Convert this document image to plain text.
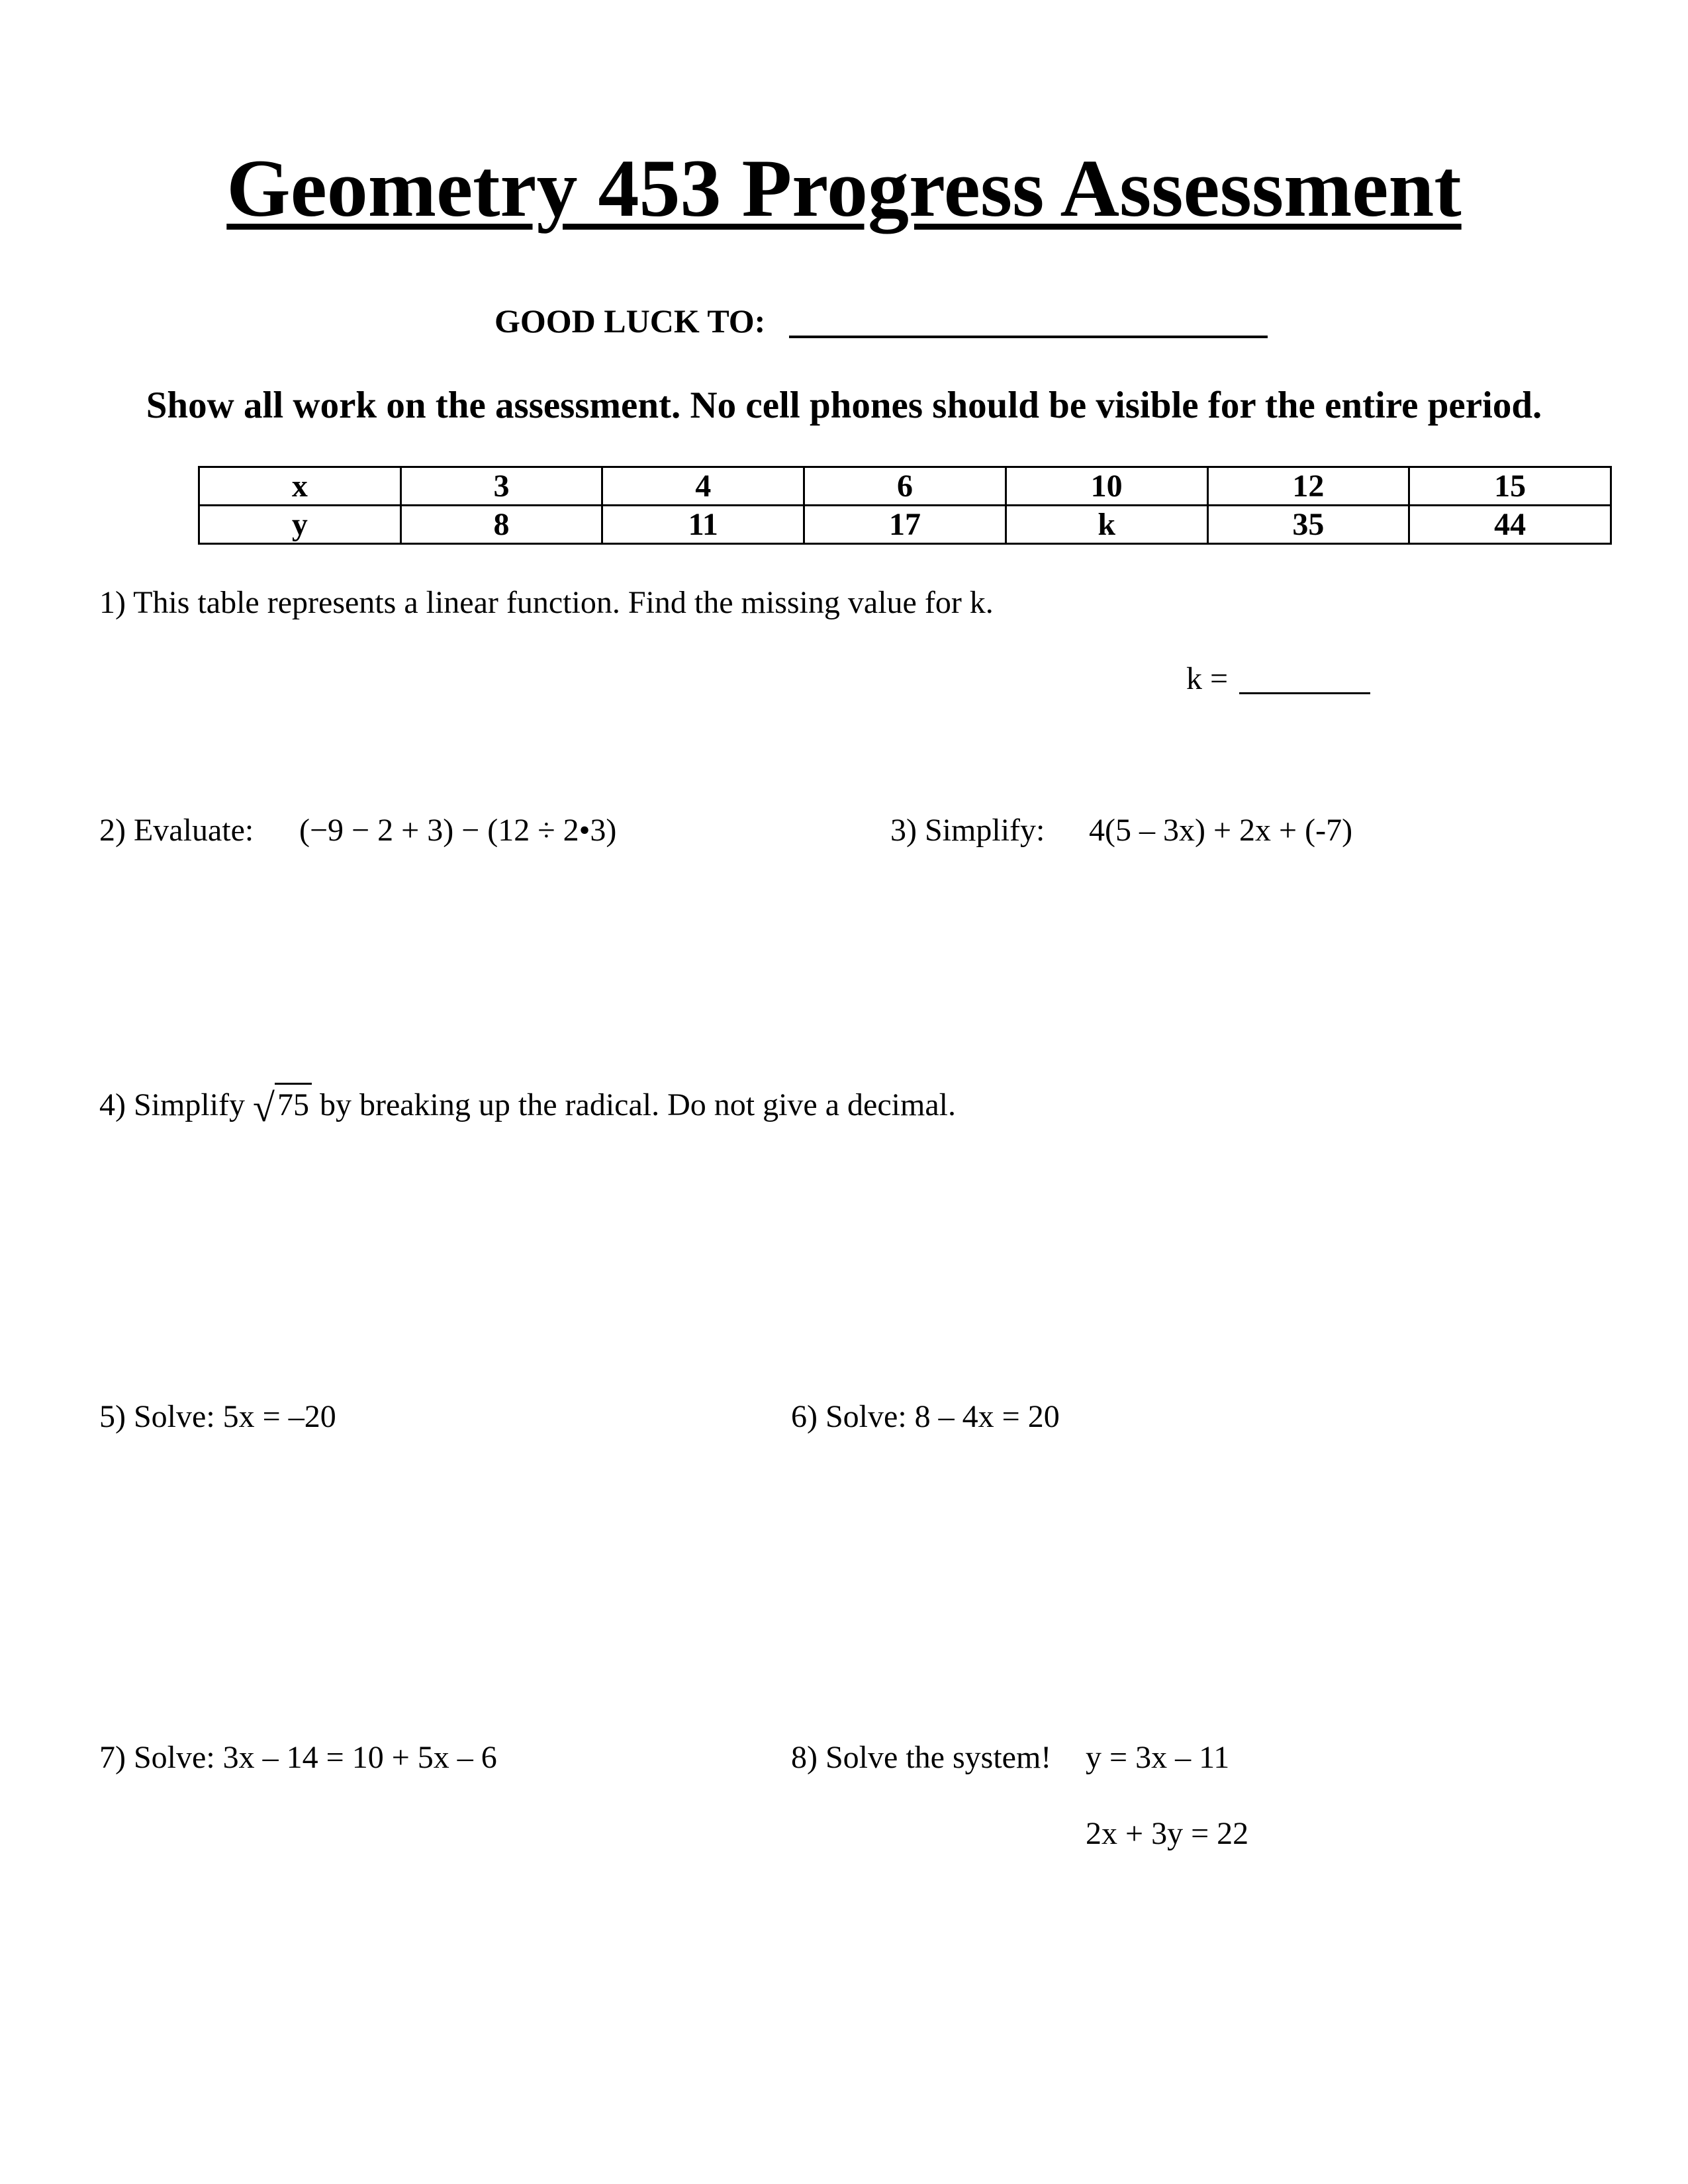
Geometry 453 Progress Assessment
GOOD LUCK TO:
Show all work on the assessment. No cell phones should be visible for the entire period.
x	3	4	6	10	12	15
y	8	11	17	k	35	44
1) This table represents a linear function. Find the missing value for k.
k =
2) Evaluate: (−9 − 2 + 3) − (12 ÷ 2•3)	3) Simplify: 4(5 – 3x) + 2x + (-7)
4) Simplify √75 by breaking up the radical. Do not give a decimal.
5) Solve: 5x = –20	6) Solve: 8 – 4x = 20
7) Solve: 3x – 14 = 10 + 5x – 6	8) Solve the system! y = 3x – 11
2x + 3y = 22
